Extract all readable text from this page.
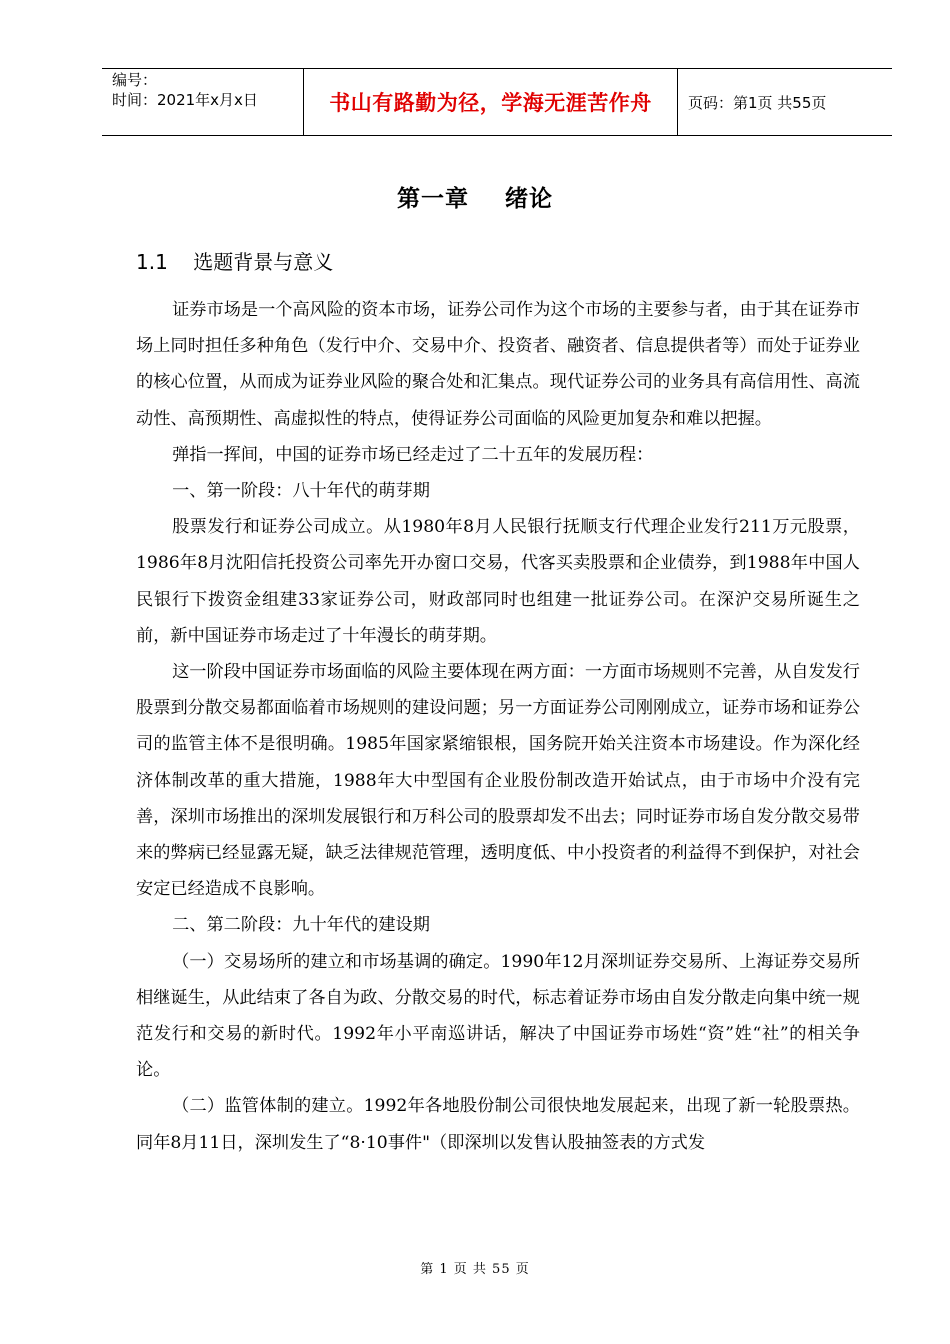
编号：
时间：2021年x月x日	书山有路勤为径，学海无涯苦作舟	页码：第1页 共55页
第一章    绪论
1.1    选题背景与意义

证券市场是一个高风险的资本市场，证券公司作为这个市场的主要参与者，由于其在证券市场上同时担任多种角色（发行中介、交易中介、投资者、融资者、信息提供者等）而处于证券业的核心位置，从而成为证券业风险的聚合处和汇集点。现代证券公司的业务具有高信用性、高流动性、高预期性、高虚拟性的特点，使得证券公司面临的风险更加复杂和难以把握。

弹指一挥间，中国的证券市场已经走过了二十五年的发展历程：

一、第一阶段：八十年代的萌芽期

股票发行和证券公司成立。从1980年8月人民银行抚顺支行代理企业发行211万元股票，1986年8月沈阳信托投资公司率先开办窗口交易，代客买卖股票和企业债券，到1988年中国人民银行下拨资金组建33家证券公司，财政部同时也组建一批证券公司。在深沪交易所诞生之前，新中国证券市场走过了十年漫长的萌芽期。

这一阶段中国证券市场面临的风险主要体现在两方面：一方面市场规则不完善，从自发发行股票到分散交易都面临着市场规则的建设问题；另一方面证券公司刚刚成立，证券市场和证券公司的监管主体不是很明确。1985年国家紧缩银根，国务院开始关注资本市场建设。作为深化经济体制改革的重大措施，1988年大中型国有企业股份制改造开始试点，由于市场中介没有完善，深圳市场推出的深圳发展银行和万科公司的股票却发不出去；同时证券市场自发分散交易带来的弊病已经显露无疑，缺乏法律规范管理，透明度低、中小投资者的利益得不到保护，对社会安定已经造成不良影响。

二、第二阶段：九十年代的建设期

（一）交易场所的建立和市场基调的确定。1990年12月深圳证券交易所、上海证券交易所相继诞生，从此结束了各自为政、分散交易的时代，标志着证券市场由自发分散走向集中统一规范发行和交易的新时代。1992年小平南巡讲话，解决了中国证券市场姓“资”姓“社”的相关争论。

（二）监管体制的建立。1992年各地股份制公司很快地发展起来，出现了新一轮股票热。同年8月11日，深圳发生了“8·10事件"（即深圳以发售认股抽签表的方式发

第 1 页 共 55 页
